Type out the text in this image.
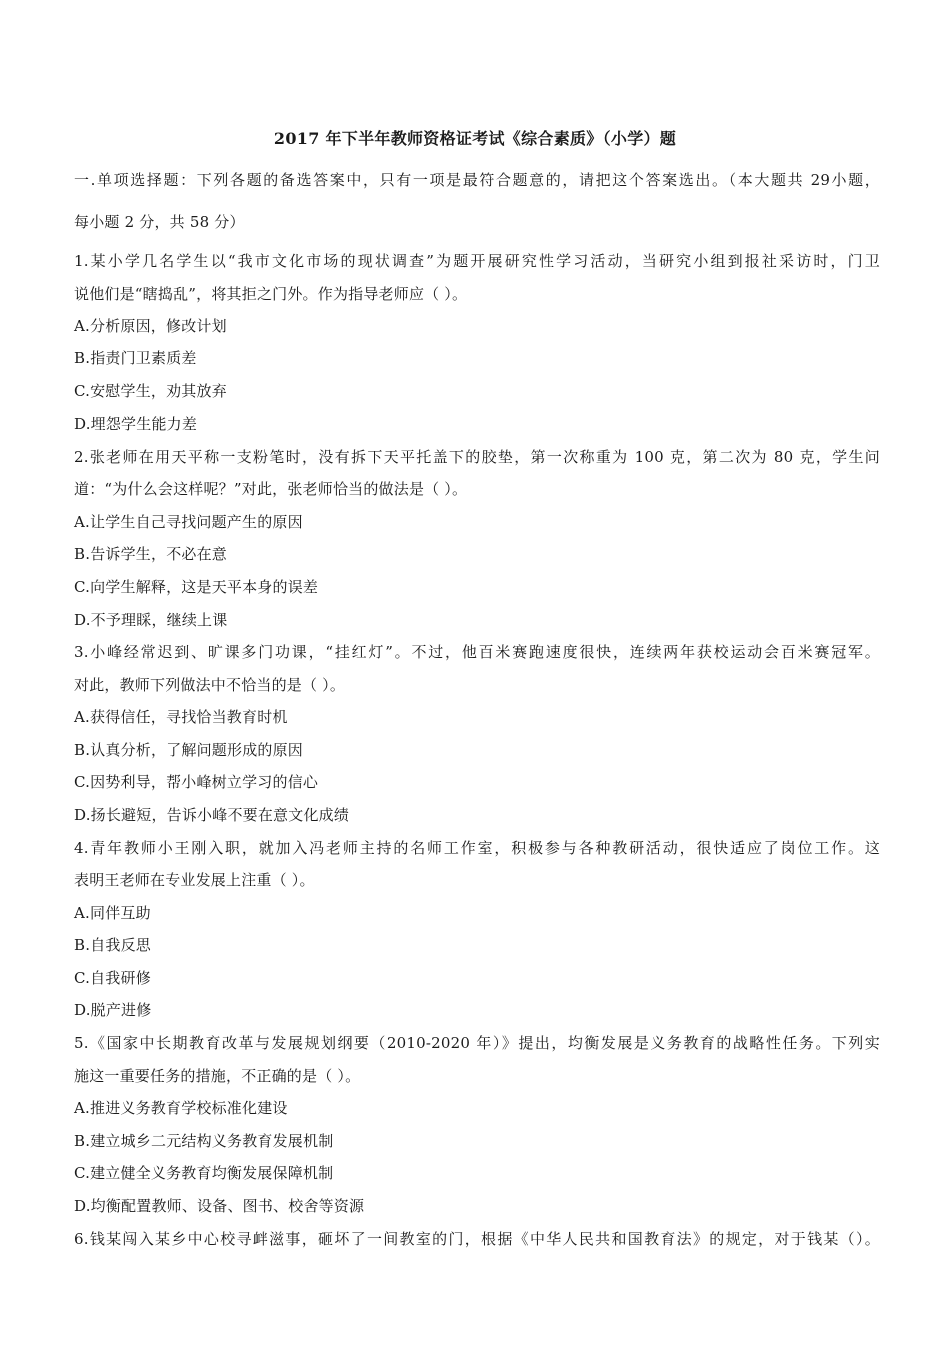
2017 年下半年教师资格证考试《综合素质》（小学）题
一.单项选择题：下列各题的备选答案中，只有一项是最符合题意的，请把这个答案选出。（本大题共 29小题，
每小题 2 分，共 58 分）
1.某小学几名学生以“我市文化市场的现状调查”为题开展研究性学习活动，当研究小组到报社采访时，门卫
说他们是“瞎捣乱”，将其拒之门外。作为指导老师应（ ）。
A.分析原因，修改计划
B.指责门卫素质差
C.安慰学生，劝其放弃
D.埋怨学生能力差
2.张老师在用天平称一支粉笔时，没有拆下天平托盖下的胶垫，第一次称重为 100 克，第二次为 80 克，学生问
道：“为什么会这样呢？”对此，张老师恰当的做法是（ ）。
A.让学生自己寻找问题产生的原因
B.告诉学生，不必在意
C.向学生解释，这是天平本身的误差
D.不予理睬，继续上课
3.小峰经常迟到、旷课多门功课，“挂红灯”。不过，他百米赛跑速度很快，连续两年获校运动会百米赛冠军。
对此，教师下列做法中不恰当的是（ ）。
A.获得信任，寻找恰当教育时机
B.认真分析，了解问题形成的原因
C.因势利导，帮小峰树立学习的信心
D.扬长避短，告诉小峰不要在意文化成绩
4.青年教师小王刚入职，就加入冯老师主持的名师工作室，积极参与各种教研活动，很快适应了岗位工作。这
表明王老师在专业发展上注重（ ）。
A.同伴互助
B.自我反思
C.自我研修
D.脱产进修
5.《国家中长期教育改革与发展规划纲要（2010-2020 年）》提出，均衡发展是义务教育的战略性任务。下列实
施这一重要任务的措施，不正确的是（ ）。
A.推进义务教育学校标准化建设
B.建立城乡二元结构义务教育发展机制
C.建立健全义务教育均衡发展保障机制
D.均衡配置教师、设备、图书、校舍等资源
6.钱某闯入某乡中心校寻衅滋事，砸坏了一间教室的门，根据《中华人民共和国教育法》的规定，对于钱某（）。
